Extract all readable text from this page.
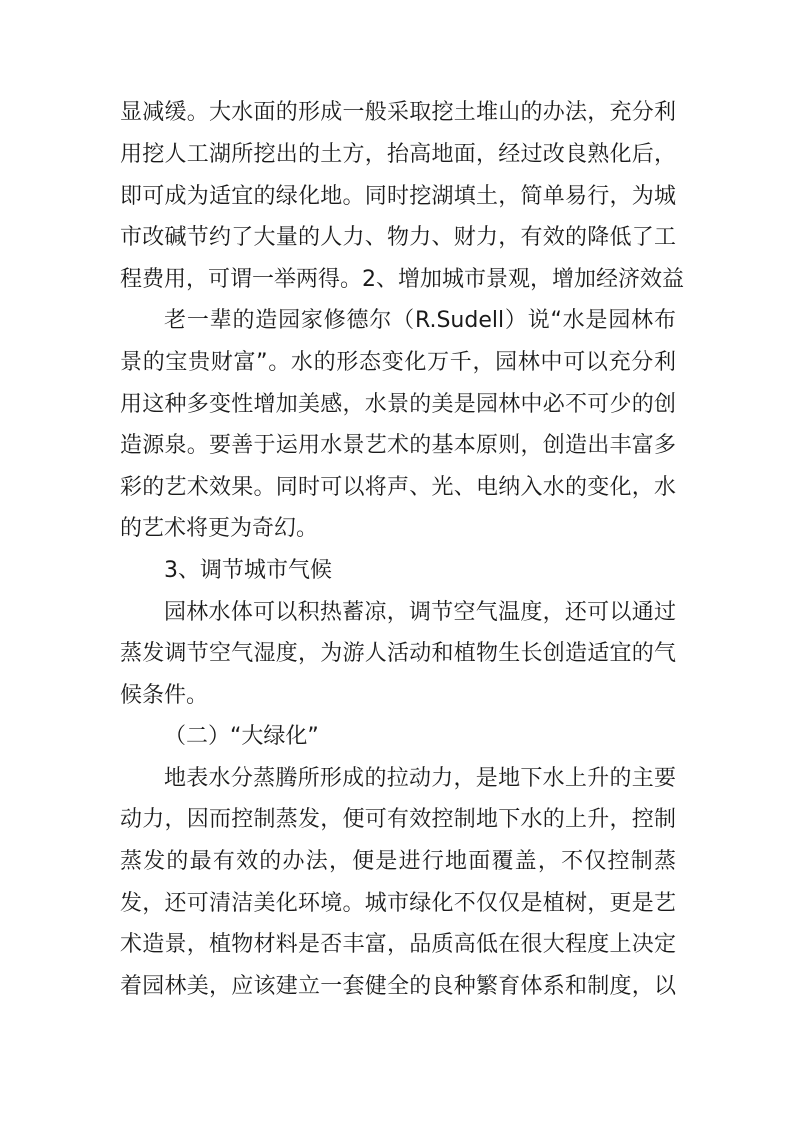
显减缓。大水面的形成一般采取挖土堆山的办法，充分利
用挖人工湖所挖出的土方，抬高地面，经过改良熟化后，
即可成为适宜的绿化地。同时挖湖填土，简单易行，为城
市改碱节约了大量的人力、物力、财力，有效的降低了工
程费用，可谓一举两得。2、增加城市景观，增加经济效益
老一辈的造园家修德尔（R.Sudell）说“水是园林布
景的宝贵财富”。水的形态变化万千，园林中可以充分利
用这种多变性增加美感，水景的美是园林中必不可少的创
造源泉。要善于运用水景艺术的基本原则，创造出丰富多
彩的艺术效果。同时可以将声、光、电纳入水的变化，水
的艺术将更为奇幻。
3、调节城市气候
园林水体可以积热蓄凉，调节空气温度，还可以通过
蒸发调节空气湿度，为游人活动和植物生长创造适宜的气
候条件。
（二）“大绿化”
地表水分蒸腾所形成的拉动力，是地下水上升的主要
动力，因而控制蒸发，便可有效控制地下水的上升，控制
蒸发的最有效的办法，便是进行地面覆盖，不仅控制蒸
发，还可清洁美化环境。城市绿化不仅仅是植树，更是艺
术造景，植物材料是否丰富，品质高低在很大程度上决定
着园林美，应该建立一套健全的良种繁育体系和制度，以
